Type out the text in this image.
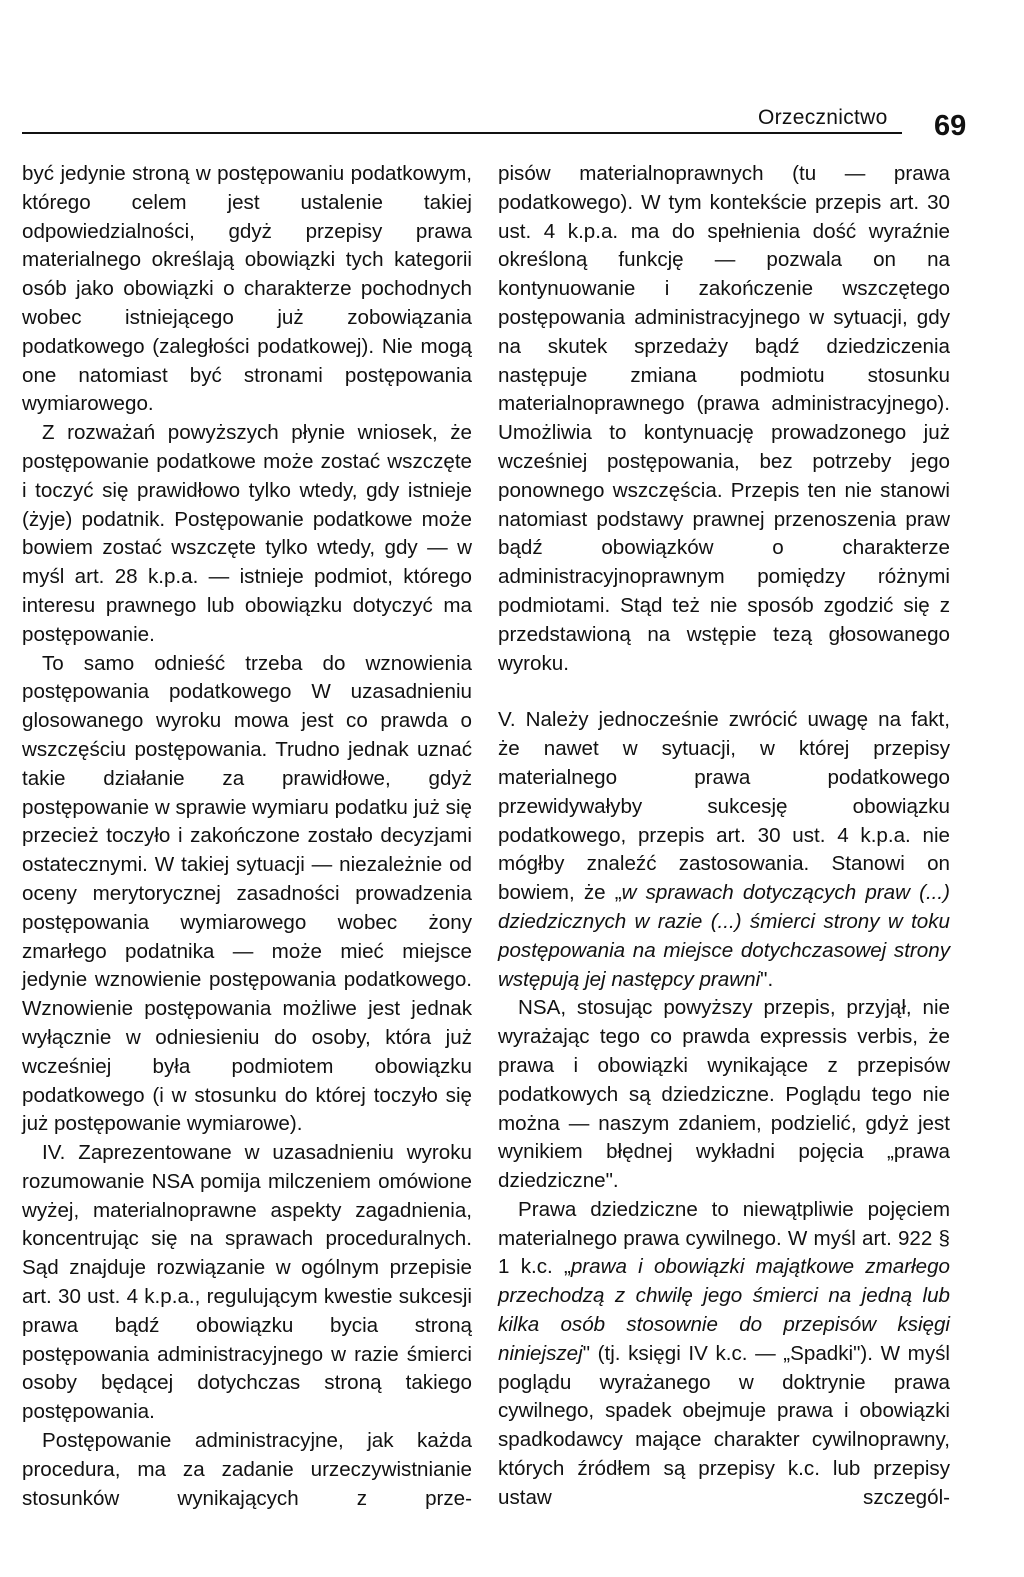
Orzecznictwo 69

być jedynie stroną w postępowaniu podatkowym, którego celem jest ustalenie takiej odpowiedzialności, gdyż przepisy prawa materialnego określają obowiązki tych kategorii osób jako obowiązki o charakterze pochodnych wobec istniejącego już zobowiązania podatkowego (zaległości podatkowej). Nie mogą one natomiast być stronami postępowania wymiarowego.

Z rozważań powyższych płynie wniosek, że postępowanie podatkowe może zostać wszczęte i toczyć się prawidłowo tylko wtedy, gdy istnieje (żyje) podatnik. Postępowanie podatkowe może bowiem zostać wszczęte tylko wtedy, gdy — w myśl art. 28 k.p.a. — istnieje podmiot, którego interesu prawnego lub obowiązku dotyczyć ma postępowanie.

To samo odnieść trzeba do wznowienia postępowania podatkowego W uzasadnieniu glosowanego wyroku mowa jest co prawda o wszczęściu postępowania. Trudno jednak uznać takie działanie za prawidłowe, gdyż postępowanie w sprawie wymiaru podatku już się przecież toczyło i zakończone zostało decyzjami ostatecznymi. W takiej sytuacji — niezależnie od oceny merytorycznej zasadności prowadzenia postępowania wymiarowego wobec żony zmarłego podatnika — może mieć miejsce jedynie wznowienie postępowania podatkowego. Wznowienie postępowania możliwe jest jednak wyłącznie w odniesieniu do osoby, która już wcześniej była podmiotem obowiązku podatkowego (i w stosunku do której toczyło się już postępowanie wymiarowe).

IV. Zaprezentowane w uzasadnieniu wyroku rozumowanie NSA pomija milczeniem omówione wyżej, materialnoprawne aspekty zagadnienia, koncentrując się na sprawach proceduralnych. Sąd znajduje rozwiązanie w ogólnym przepisie art. 30 ust. 4 k.p.a., regulującym kwestie sukcesji prawa bądź obowiązku bycia stroną postępowania administracyjnego w razie śmierci osoby będącej dotychczas stroną takiego postępowania.

Postępowanie administracyjne, jak każda procedura, ma za zadanie urzeczywistnianie stosunków wynikających z prze-

pisów materialnoprawnych (tu — prawa podatkowego). W tym kontekście przepis art. 30 ust. 4 k.p.a. ma do spełnienia dość wyraźnie określoną funkcję — pozwala on na kontynuowanie i zakończenie wszczętego postępowania administracyjnego w sytuacji, gdy na skutek sprzedaży bądź dziedziczenia następuje zmiana podmiotu stosunku materialnoprawnego (prawa administracyjnego). Umożliwia to kontynuację prowadzonego już wcześniej postępowania, bez potrzeby jego ponownego wszczęścia. Przepis ten nie stanowi natomiast podstawy prawnej przenoszenia praw bądź obowiązków o charakterze administracyjnoprawnym pomiędzy różnymi podmiotami. Stąd też nie sposób zgodzić się z przedstawioną na wstępie tezą głosowanego wyroku.

V. Należy jednocześnie zwrócić uwagę na fakt, że nawet w sytuacji, w której przepisy materialnego prawa podatkowego przewidywałyby sukcesję obowiązku podatkowego, przepis art. 30 ust. 4 k.p.a. nie mógłby znaleźć zastosowania. Stanowi on bowiem, że „w sprawach dotyczących praw (...) dziedzicznych w razie (...) śmierci strony w toku postępowania na miejsce dotychczasowej strony wstępują jej następcy prawni".

NSA, stosując powyższy przepis, przyjął, nie wyrażając tego co prawda expressis verbis, że prawa i obowiązki wynikające z przepisów podatkowych są dziedziczne. Poglądu tego nie można — naszym zdaniem, podzielić, gdyż jest wynikiem błędnej wykładni pojęcia „prawa dziedziczne".

Prawa dziedziczne to niewątpliwie pojęciem materialnego prawa cywilnego. W myśl art. 922 § 1 k.c. „prawa i obowiązki majątkowe zmarłego przechodzą z chwilę jego śmierci na jedną lub kilka osób stosownie do przepisów księgi niniejszej" (tj. księgi IV k.c. — „Spadki"). W myśl poglądu wyrażanego w doktrynie prawa cywilnego, spadek obejmuje prawa i obowiązki spadkodawcy mające charakter cywilnoprawny, których źródłem są przepisy k.c. lub przepisy ustaw szczegól-
